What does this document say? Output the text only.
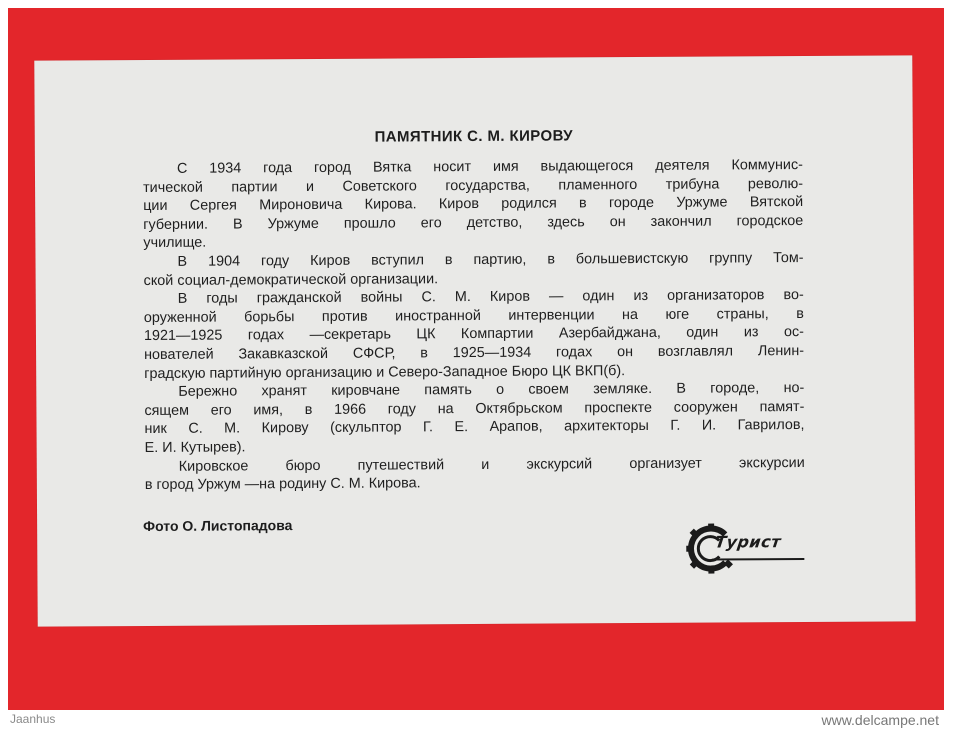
ПАМЯТНИК С. М. КИРОВУ
С 1934 года город Вятка носит имя выдающегося деятеля Коммунис-
тической партии и Советского государства, пламенного трибуна револю-
ции Сергея Мироновича Кирова. Киров родился в городе Уржуме Вятской
губернии. В Уржуме прошло его детство, здесь он закончил городское
училище.
В 1904 году Киров вступил в партию, в большевистскую группу Том-
ской социал-демократической организации.
В годы гражданской войны С. М. Киров — один из организаторов во-
оруженной борьбы против иностранной интервенции на юге страны, в
1921—1925 годах —секретарь ЦК Компартии Азербайджана, один из ос-
нователей Закавказской СФСР, в 1925—1934 годах он возглавлял Ленин-
градскую партийную организацию и Северо-Западное Бюро ЦК ВКП(б).
Бережно хранят кировчане память о своем земляке. В городе, но-
сящем его имя, в 1966 году на Октябрьском проспекте сооружен памят-
ник С. М. Кирову (скульптор Г. Е. Арапов, архитекторы Г. И. Гаврилов,
Е. И. Кутырев).
Кировское бюро путешествий и экскурсий организует экскурсии
в город Уржум —на родину С. М. Кирова.
Фото О. Листопадова
Турист
Jaanhus	www.delcampe.net
